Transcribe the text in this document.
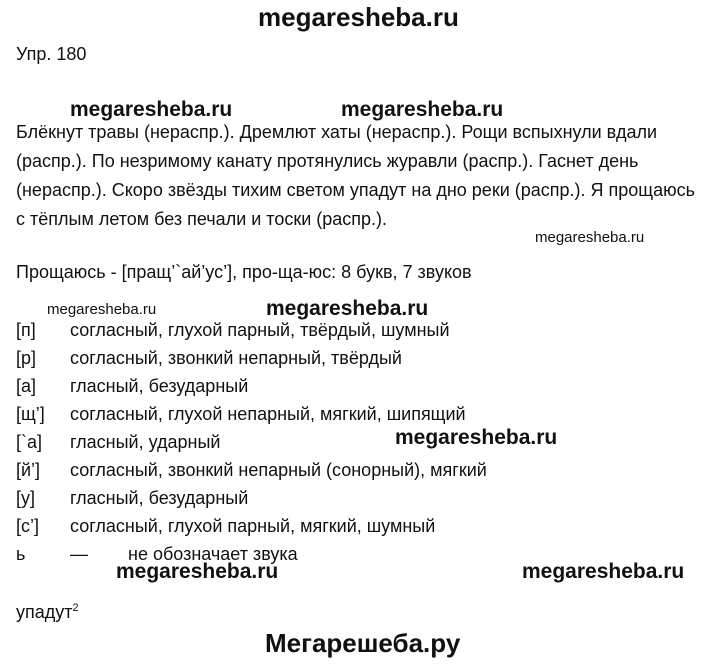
megaresheba.ru
Упр. 180
megaresheba.ru	megaresheba.ru
Блёкнут травы (нераспр.). Дремлют хаты (нераспр.). Рощи вспыхнули вдали (распр.). По незримому канату протянулись журавли (распр.). Гаснет день (нераспр.). Скоро звёзды тихим светом упадут на дно реки (распр.). Я прощаюсь с тёплым летом без печали и тоски (распр.).
megaresheba.ru
Прощаюсь - [пращ’`ай’ус’], про-ща-юс: 8 букв, 7 звуков
megaresheba.ru	megaresheba.ru
[п] согласный, глухой парный, твёрдый, шумный
[р] согласный, звонкий непарный, твёрдый
[а] гласный, безударный
[щ’] согласный, глухой непарный, мягкий, шипящий
[`а] гласный, ударный	megaresheba.ru
[й’] согласный, звонкий непарный (сонорный), мягкий
[у] гласный, безударный
[с’] согласный, глухой парный, мягкий, шумный
ь — не обозначает звука
megaresheba.ru	megaresheba.ru
упадут$^2$
Мегарешеба.ру
